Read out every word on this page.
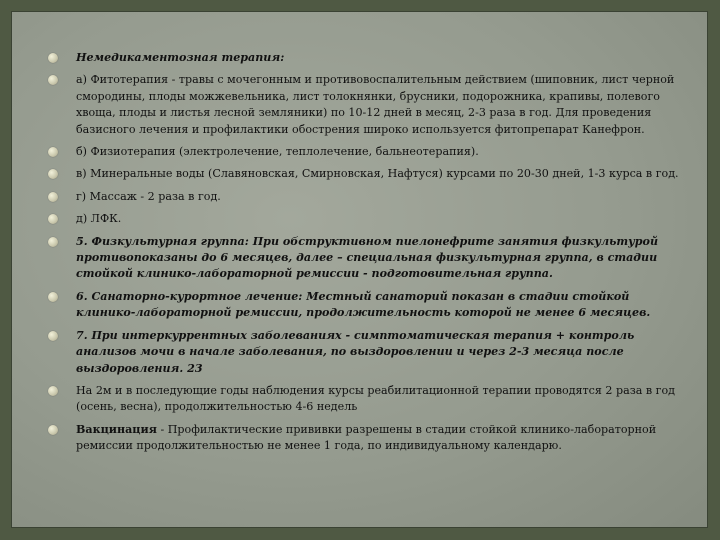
Немедикаментозная терапия:
а) Фитотерапия - травы с мочегонным и противовоспалительным действием (шиповник, лист черной смородины, плоды можжевельника, лист толокнянки, брусники, подорожника, крапивы, полевого хвоща, плоды и листья лесной земляники) по 10-12 дней в месяц, 2-3 раза в год. Для проведения базисного лечения и профилактики обострения широко используется фитопрепарат Канефрон.
б) Физиотерапия (электролечение, теплолечение, бальнеотерапия).
в) Минеральные воды (Славяновская, Смирновская, Нафтуся) курсами по 20-30 дней, 1-3 курса в год.
г) Массаж - 2 раза в год.
д) ЛФК.
5. Физкультурная группа: При обструктивном пиелонефрите занятия физкультурой противопоказаны до 6 месяцев, далее – специальная физкультурная группа, в стадии стойкой клинико-лабораторной ремиссии - подготовительная группа.
6. Санаторно-курортное лечение: Местный санаторий показан в стадии стойкой клинико-лабораторной ремиссии, продолжительность которой не менее 6 месяцев.
7. При интеркуррентных заболеваниях - симптоматическая терапия + контроль анализов мочи в начале заболевания, по выздоровлении и через 2-3 месяца после выздоровления. 23
На 2м и в последующие годы наблюдения курсы реабилитационной терапии проводятся 2 раза в год (осень, весна), продолжительностью 4-6 недель
Вакцинация - Профилактические прививки разрешены в стадии стойкой клинико-лабораторной ремиссии продолжительностью не менее 1 года, по индивидуальному календарю.
